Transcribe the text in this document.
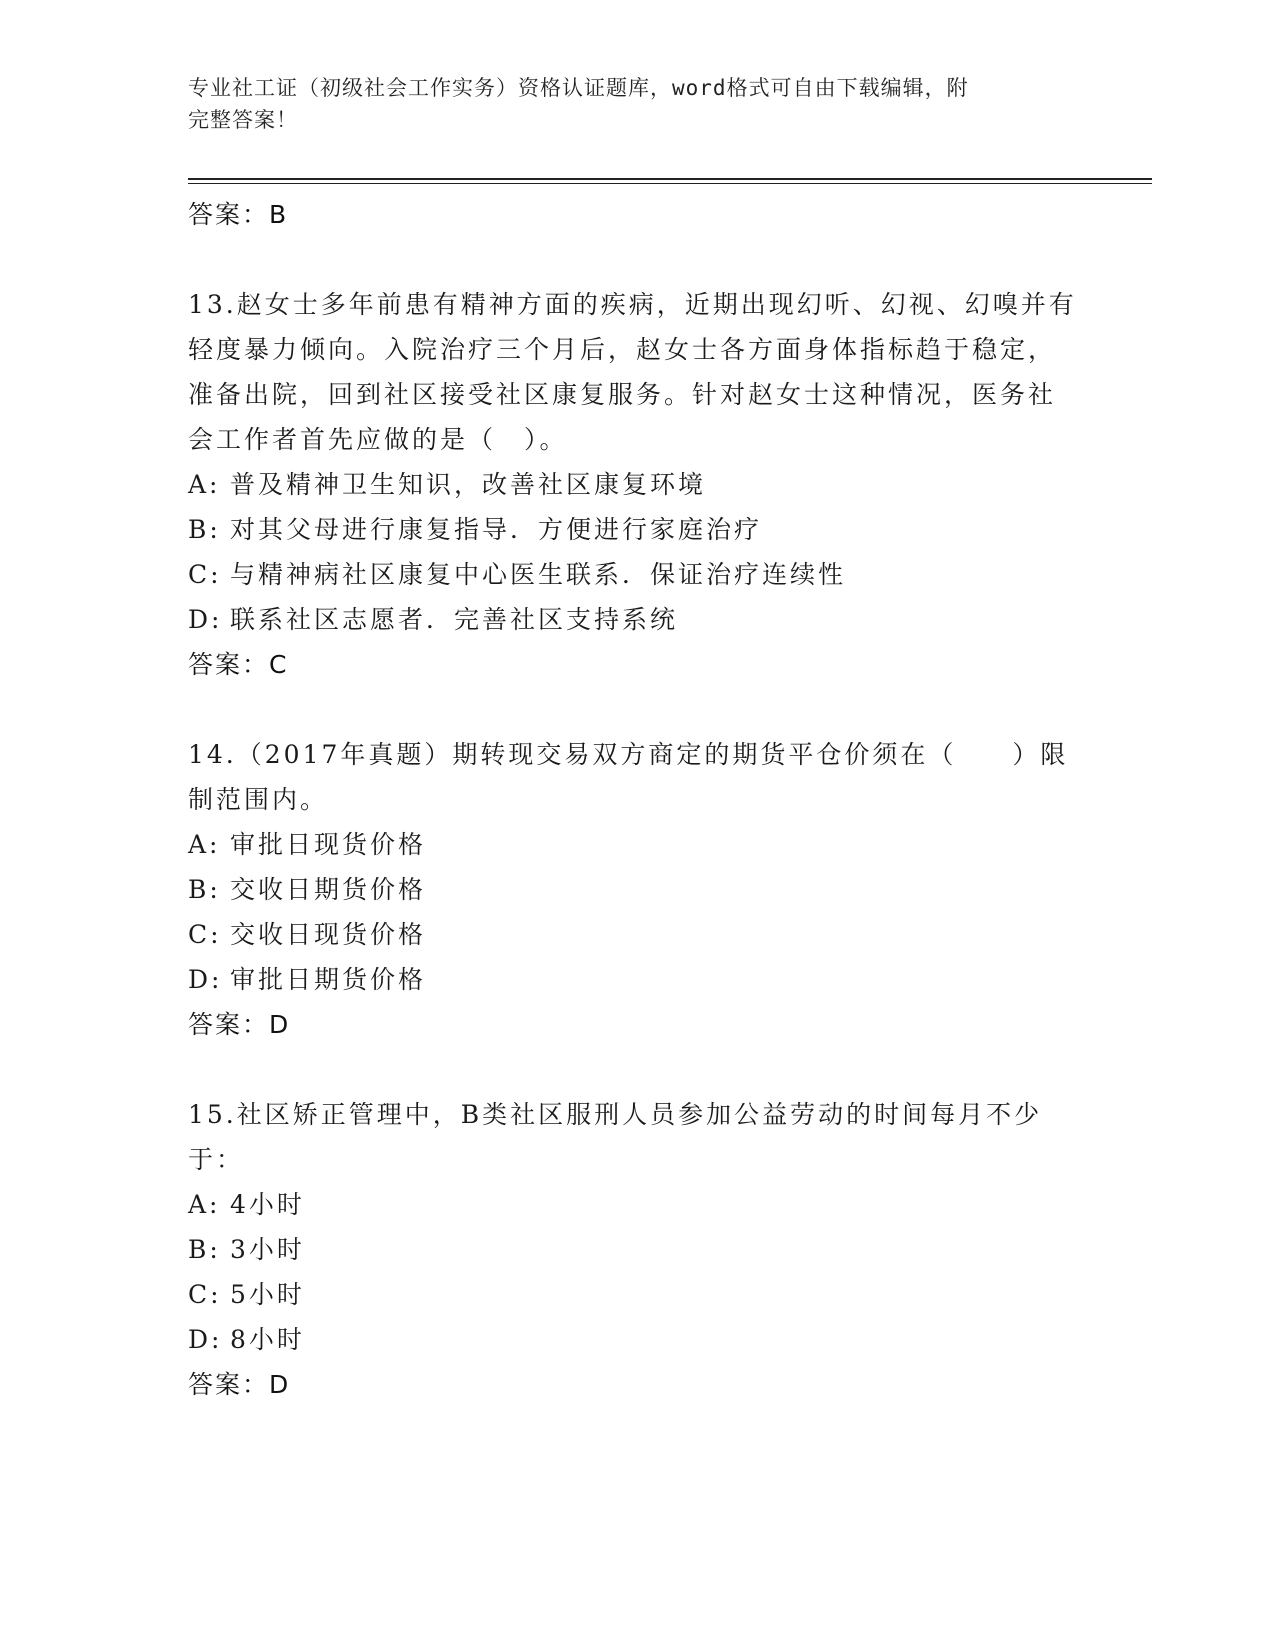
专业社工证（初级社会工作实务）资格认证题库，word格式可自由下载编辑，附
完整答案！

答案：B

13.赵女士多年前患有精神方面的疾病，近期出现幻听、幻视、幻嗅并有轻度暴力倾向。入院治疗三个月后，赵女士各方面身体指标趋于稳定，准备出院，回到社区接受社区康复服务。针对赵女士这种情况，医务社会工作者首先应做的是（　）。

A: 普及精神卫生知识，改善社区康复环境
B: 对其父母进行康复指导．方便进行家庭治疗
C: 与精神病社区康复中心医生联系．保证治疗连续性
D: 联系社区志愿者．完善社区支持系统

答案：C

14.（2017年真题）期转现交易双方商定的期货平仓价须在（　　）限制范围内。

A: 审批日现货价格
B: 交收日期货价格
C: 交收日现货价格
D: 审批日期货价格

答案：D

15.社区矫正管理中，B类社区服刑人员参加公益劳动的时间每月不少于：

A: 4小时
B: 3小时
C: 5小时
D: 8小时

答案：D
